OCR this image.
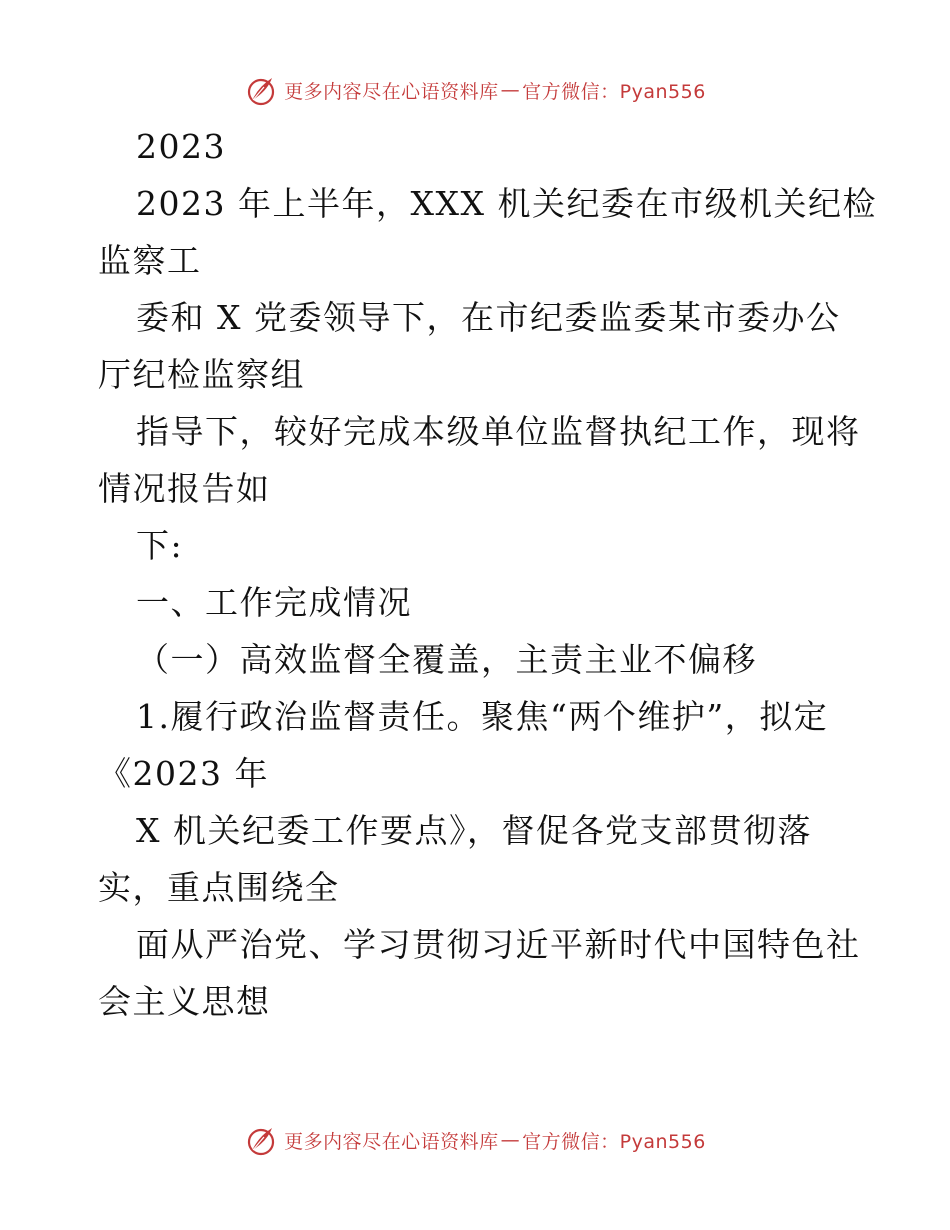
更多内容尽在心语资料库 — 官方微信：Pyan556
2023
2023 年上半年，XXX 机关纪委在市级机关纪检
监察工
委和 X 党委领导下，在市纪委监委某市委办公
厅纪检监察组
指导下，较好完成本级单位监督执纪工作，现将
情况报告如
下:
一、工作完成情况
（一）高效监督全覆盖，主责主业不偏移
1.履行政治监督责任。聚焦“两个维护”，拟定
《2023 年
X 机关纪委工作要点》，督促各党支部贯彻落
实，重点围绕全
面从严治党、学习贯彻习近平新时代中国特色社
会主义思想
更多内容尽在心语资料库 — 官方微信：Pyan556
